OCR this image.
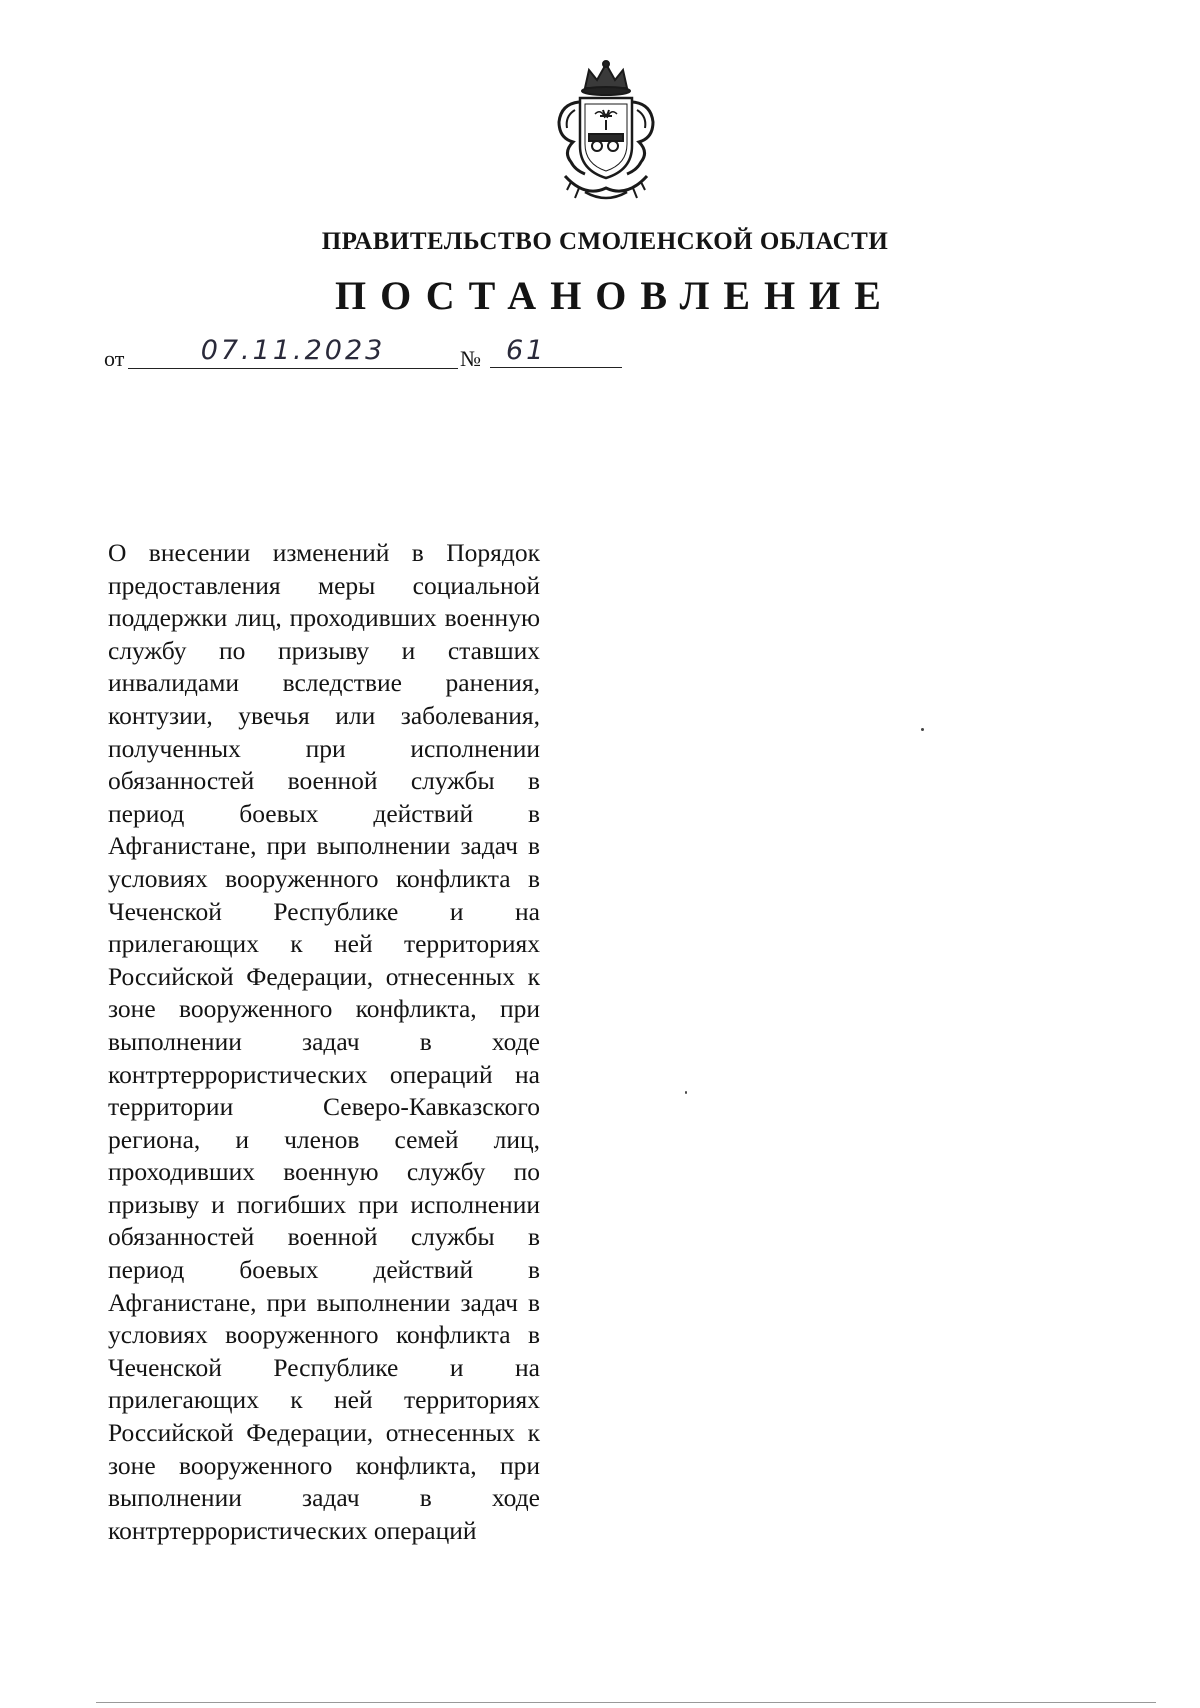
ПРАВИТЕЛЬСТВО СМОЛЕНСКОЙ ОБЛАСТИ
ПОСТАНОВЛЕНИЕ
от	07.11.2023	№ 61
О внесении изменений в Порядок предоставления меры социальной поддержки лиц, проходивших военную службу по призыву и ставших инвалидами вследствие ранения, контузии, увечья или заболевания, полученных при исполнении обязанностей военной службы в период боевых действий в Афганистане, при выполнении задач в условиях вооруженного конфликта в Чеченской Республике и на прилегающих к ней территориях Российской Федерации, отнесенных к зоне вооруженного конфликта, при выполнении задач в ходе контртеррористических операций на территории Северо-Кавказского региона, и членов семей лиц, проходивших военную службу по призыву и погибших при исполнении обязанностей военной службы в период боевых действий в Афганистане, при выполнении задач в условиях вооруженного конфликта в Чеченской Республике и на прилегающих к ней территориях Российской Федерации, отнесенных к зоне вооруженного конфликта, при выполнении задач в ходе контртеррористических операций
